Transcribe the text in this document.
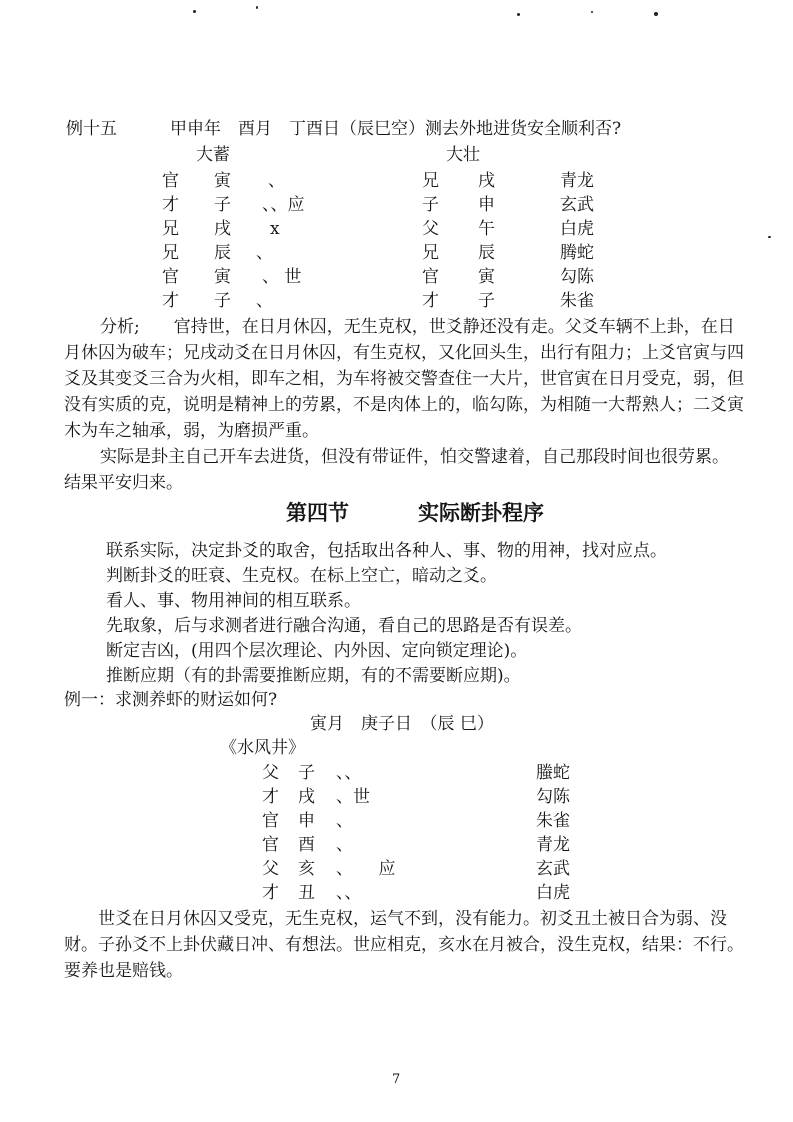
例十五	甲申年　酉月　丁酉日（辰巳空）测去外地进货安全顺利否?
大蓄	大壮
官 寅 、	兄 戌	青龙
才 子 、、应	子 申	玄武
兄 戌 x	父 午	白虎
兄 辰 、	兄 辰	腾蛇
官 寅 、 世	官 寅	勾陈
才 子 、	才 子	朱雀
分析;　　官持世，在日月休囚，无生克权，世爻静还没有走。父爻车辆不上卦，在日月休囚为破车；兄戌动爻在日月休囚，有生克权，又化回头生，出行有阻力；上爻官寅与四爻及其变爻三合为火相，即车之相，为车将被交警查住一大片，世官寅在日月受克，弱，但没有实质的克，说明是精神上的劳累，不是肉体上的，临勾陈，为相随一大帮熟人；二爻寅木为车之轴承，弱，为磨损严重。
实际是卦主自己开车去进货，但没有带证件，怕交警逮着，自己那段时间也很劳累。结果平安归来。
第四节	实际断卦程序
联系实际，决定卦爻的取舍，包括取出各种人、事、物的用神，找对应点。
判断卦爻的旺衰、生克权。在标上空亡，暗动之爻。
看人、事、物用神间的相互联系。
先取象，后与求测者进行融合沟通，看自己的思路是否有误差。
断定吉凶，(用四个层次理论、内外因、定向锁定理论)。
推断应期（有的卦需要推断应期，有的不需要断应期)。
例一：求测养虾的财运如何?
寅月　庚子日　（辰 巳）
《水风井》
父 子 、、	螣蛇
才 戌 、世	勾陈
官 申 、	朱雀
官 酉 、	青龙
父 亥 、　　应	玄武
才 丑 、、	白虎
世爻在日月休囚又受克，无生克权，运气不到，没有能力。初爻丑土被日合为弱、没财。子孙爻不上卦伏藏日冲、有想法。世应相克，亥水在月被合，没生克权，结果：不行。要养也是赔钱。
7
